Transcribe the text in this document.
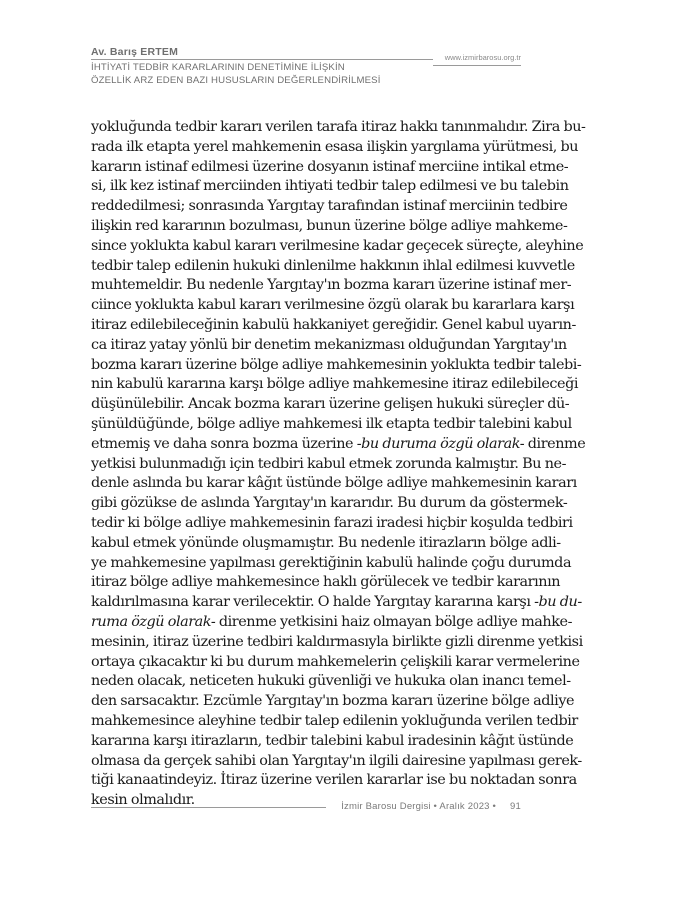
Av. Barış ERTEM	www.izmirbarosu.org.tr
İHTİYATİ TEDBİR KARARLARININ DENETİMİNE İLİŞKİN
ÖZELLİK ARZ EDEN BAZI HUSUSLARIN DEĞERLENDİRİLMESİ
yokluğunda tedbir kararı verilen tarafa itiraz hakkı tanınmalıdır. Zira bu-
rada ilk etapta yerel mahkemenin esasa ilişkin yargılama yürütmesi, bu
kararın istinaf edilmesi üzerine dosyanın istinaf merciine intikal etme-
si, ilk kez istinaf merciinden ihtiyati tedbir talep edilmesi ve bu talebin
reddedilmesi; sonrasında Yargıtay tarafından istinaf merciinin tedbire
ilişkin red kararının bozulması, bunun üzerine bölge adliye mahkeme-
since yoklukta kabul kararı verilmesine kadar geçecek süreçte, aleyhine
tedbir talep edilenin hukuki dinlenilme hakkının ihlal edilmesi kuvvetle
muhtemeldir. Bu nedenle Yargıtay'ın bozma kararı üzerine istinaf mer-
ciince yoklukta kabul kararı verilmesine özgü olarak bu kararlara karşı
itiraz edilebileceğinin kabulü hakkaniyet gereğidir. Genel kabul uyarın-
ca itiraz yatay yönlü bir denetim mekanizması olduğundan Yargıtay'ın
bozma kararı üzerine bölge adliye mahkemesinin yoklukta tedbir talebi-
nin kabulü kararına karşı bölge adliye mahkemesine itiraz edilebileceği
düşünülebilir. Ancak bozma kararı üzerine gelişen hukuki süreçler dü-
şünüldüğünde, bölge adliye mahkemesi ilk etapta tedbir talebini kabul
etmemiş ve daha sonra bozma üzerine -bu duruma özgü olarak- direnme
yetkisi bulunmadığı için tedbiri kabul etmek zorunda kalmıştır. Bu ne-
denle aslında bu karar kâğıt üstünde bölge adliye mahkemesinin kararı
gibi gözükse de aslında Yargıtay'ın kararıdır. Bu durum da göstermek-
tedir ki bölge adliye mahkemesinin farazi iradesi hiçbir koşulda tedbiri
kabul etmek yönünde oluşmamıştır. Bu nedenle itirazların bölge adli-
ye mahkemesine yapılması gerektiğinin kabulü halinde çoğu durumda
itiraz bölge adliye mahkemesince haklı görülecek ve tedbir kararının
kaldırılmasına karar verilecektir. O halde Yargıtay kararına karşı -bu du-
ruma özgü olarak- direnme yetkisini haiz olmayan bölge adliye mahke-
mesinin, itiraz üzerine tedbiri kaldırmasıyla birlikte gizli direnme yetkisi
ortaya çıkacaktır ki bu durum mahkemelerin çelişkili karar vermelerine
neden olacak, neticeten hukuki güvenliği ve hukuka olan inancı temel-
den sarsacaktır. Ezcümle Yargıtay'ın bozma kararı üzerine bölge adliye
mahkemesince aleyhine tedbir talep edilenin yokluğunda verilen tedbir
kararına karşı itirazların, tedbir talebini kabul iradesinin kâğıt üstünde
olmasa da gerçek sahibi olan Yargıtay'ın ilgili dairesine yapılması gerek-
tiği kanaatindeyiz. İtiraz üzerine verilen kararlar ise bu noktadan sonra
kesin olmalıdır.	İzmir Barosu Dergisi • Aralık 2023 • 91
